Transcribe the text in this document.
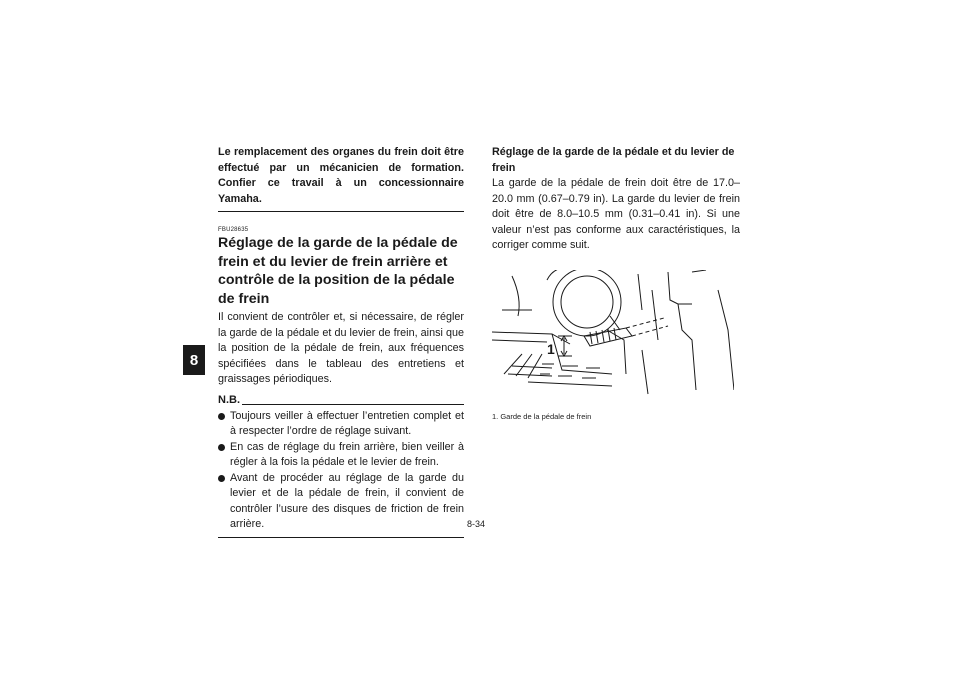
8

Le remplacement des organes du frein doit être effectué par un mécanicien de formation. Confier ce travail à un concessionnaire Yamaha.

FBU28635
Réglage de la garde de la pédale de frein et du levier de frein arrière et contrôle de la position de la pédale de frein

Il convient de contrôler et, si nécessaire, de régler la garde de la pédale et du levier de frein, ainsi que la position de la pédale de frein, aux fréquences spécifiées dans le tableau des entretiens et graissages périodiques.

N.B.
Toujours veiller à effectuer l’entretien complet et à respecter l’ordre de réglage suivant.
En cas de réglage du frein arrière, bien veiller à régler à la fois la pédale et le levier de frein.
Avant de procéder au réglage de la garde du levier et de la pédale de frein, il convient de contrôler l’usure des disques de friction de frein arrière.

Réglage de la garde de la pédale et du levier de frein

La garde de la pédale de frein doit être de 17.0–20.0 mm (0.67–0.79 in). La garde du levier de frein doit être de 8.0–10.5 mm (0.31–0.41 in). Si une valeur n’est pas conforme aux caractéristiques, la corriger comme suit.

1
1. Garde de la pédale de frein
8-34
